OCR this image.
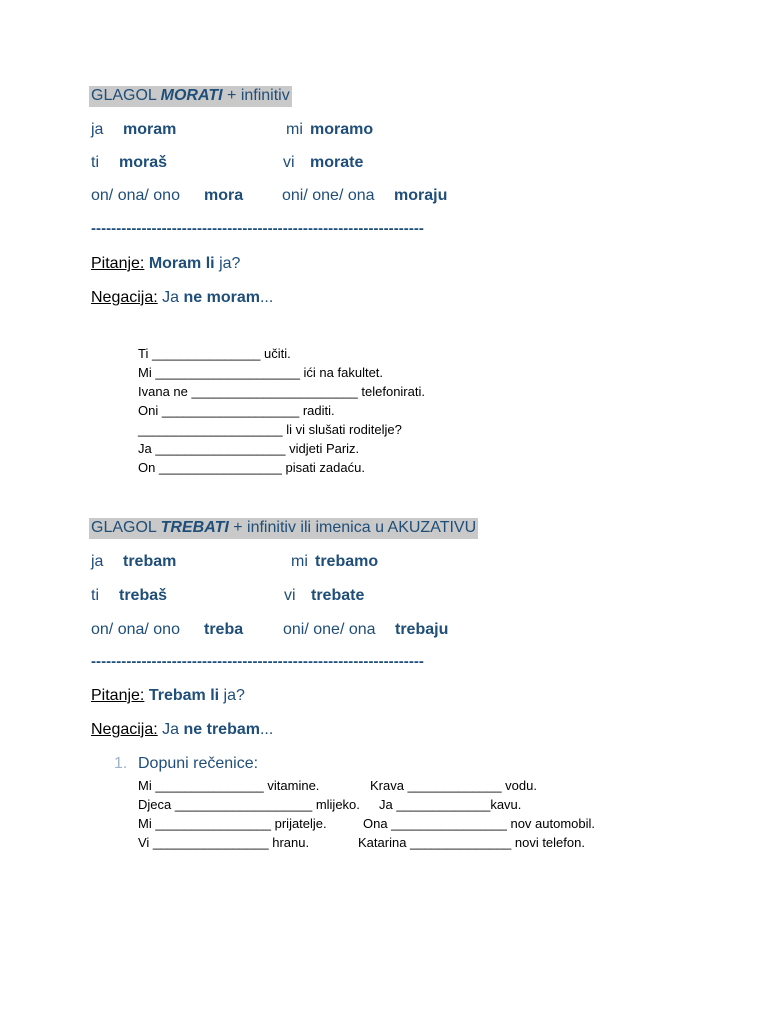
GLAGOL MORATI + infinitiv
ja moram	mi moramo
ti moraš	vi morate
on/ ona/ ono mora oni/ one/ ona moraju
------------------------------------------------------------------
Pitanje: Moram li ja?
Negacija: Ja ne moram...
Ti _______________ učiti.
Mi ____________________ ići na fakultet.
Ivana ne _______________________ telefonirati.
Oni ___________________ raditi.
____________________ li vi slušati roditelje?
Ja __________________ vidjeti Pariz.
On _________________ pisati zadaću.
GLAGOL TREBATI + infinitiv ili imenica u AKUZATIVU
ja trebam	mi trebamo
ti trebaš	vi trebate
on/ ona/ ono treba oni/ one/ ona trebaju
------------------------------------------------------------------
Pitanje: Trebam li ja?
Negacija: Ja ne trebam...
1. Dopuni rečenice:
Mi _______________ vitamine.	Krava _____________ vodu.
Djeca ___________________ mlijeko. Ja _____________kavu.
Mi ________________ prijatelje.	Ona ________________ nov automobil.
Vi ________________ hranu.	Katarina ______________ novi telefon.
